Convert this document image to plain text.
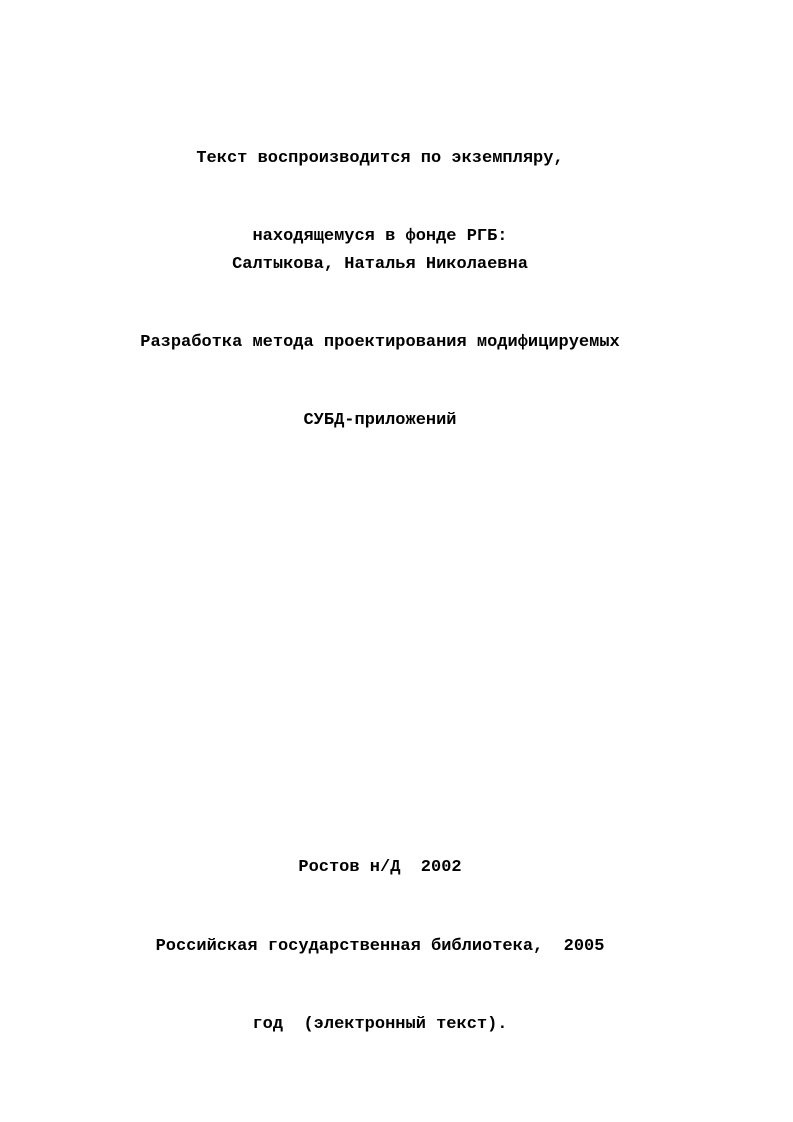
Текст воспроизводится по экземпляру,

находящемуся в фонде РГБ:

Салтыкова, Наталья Николаевна

Разработка метода проектирования модифицируемых

СУБД-приложений

Ростов н/Д  2002

Российская государственная библиотека,  2005

год  (электронный текст).
